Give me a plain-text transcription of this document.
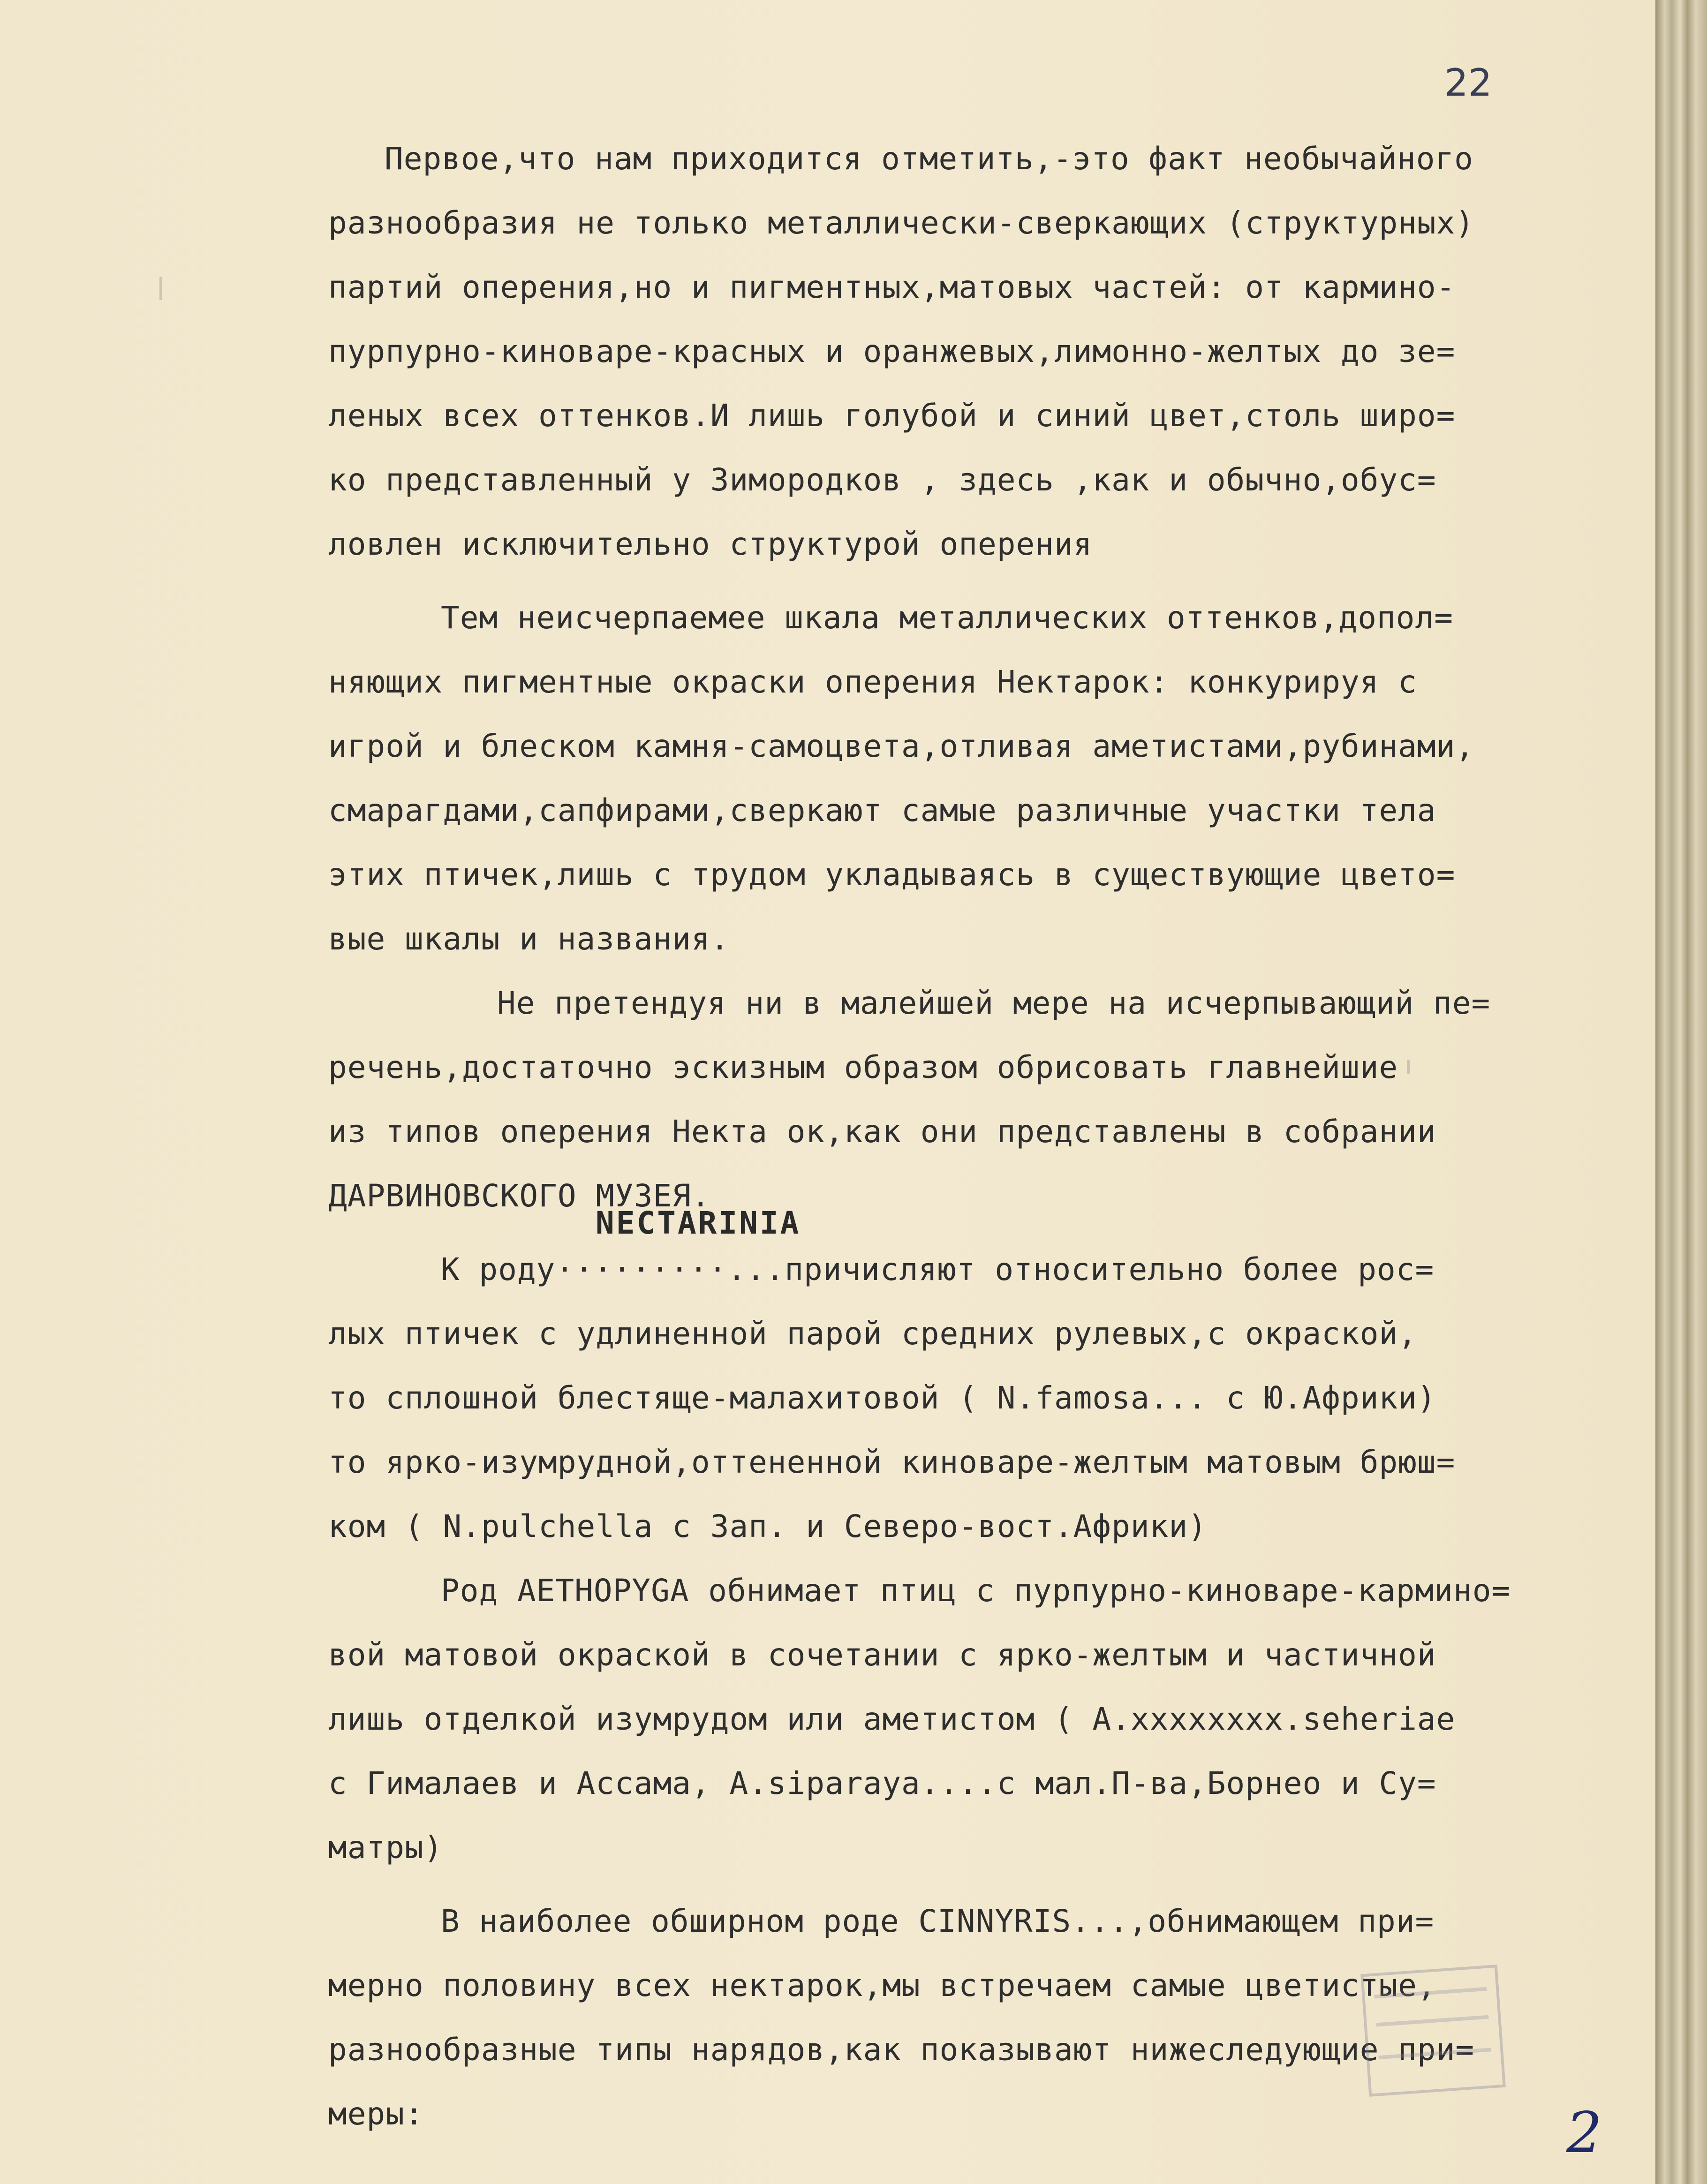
22
NECTARINIA

Первое,что нам приходится отметить,-это факт необычайного

разнообразия не только металлически-сверкающих (структурных)

партий оперения,но и пигментных,матовых частей: от кармино-

пурпурно-киноваре-красных и оранжевых,лимонно-желтых до зе=

леных всех оттенков.И лишь голубой и синий цвет,столь широ=

ко представленный у Зимородков , здесь ,как и обычно,обус=

ловлен исключительно структурой оперения

Тем неисчерпаемее шкала металлических оттенков,допол=

няющих пигментные окраски оперения Нектарок: конкурируя с

игрой и блеском камня-самоцвета,отливая аметистами,рубинами,

смарагдами,сапфирами,сверкают самые различные участки тела

этих птичек,лишь с трудом укладываясь в существующие цвето=

вые шкалы и названия.

Не претендуя ни в малейшей мере на исчерпывающий пе=

речень,достаточно эскизным образом обрисовать главнейшие

из типов оперения Некта ок,как они представлены в собрании

ДАРВИНОВСКОГО МУЗЕЯ.

К роду·········...причисляют относительно более рос=

лых птичек с удлиненной парой средних рулевых,с окраской,

то сплошной блестяще-малахитовой ( N.famosa... с Ю.Африки)

то ярко-изумрудной,оттененной киноваре-желтым матовым брюш=

ком ( N.pulchella с Зап. и Северо-вост.Африки)

Род AETHOPYGA обнимает птиц с пурпурно-киноваре-кармино=

вой матовой окраской в сочетании с ярко-желтым и частичной

лишь отделкой изумрудом или аметистом ( A.xxxxxxxx.seheriae

с Гималаев и Ассама, A.siparaya....с мал.П-ва,Борнео и Су=

матры)

В наиболее обширном роде CINNYRIS...,обнимающем при=

мерно половину всех нектарок,мы встречаем самые цветистые,

разнообразные типы нарядов,как показывают нижеследующие при=

меры:	2
